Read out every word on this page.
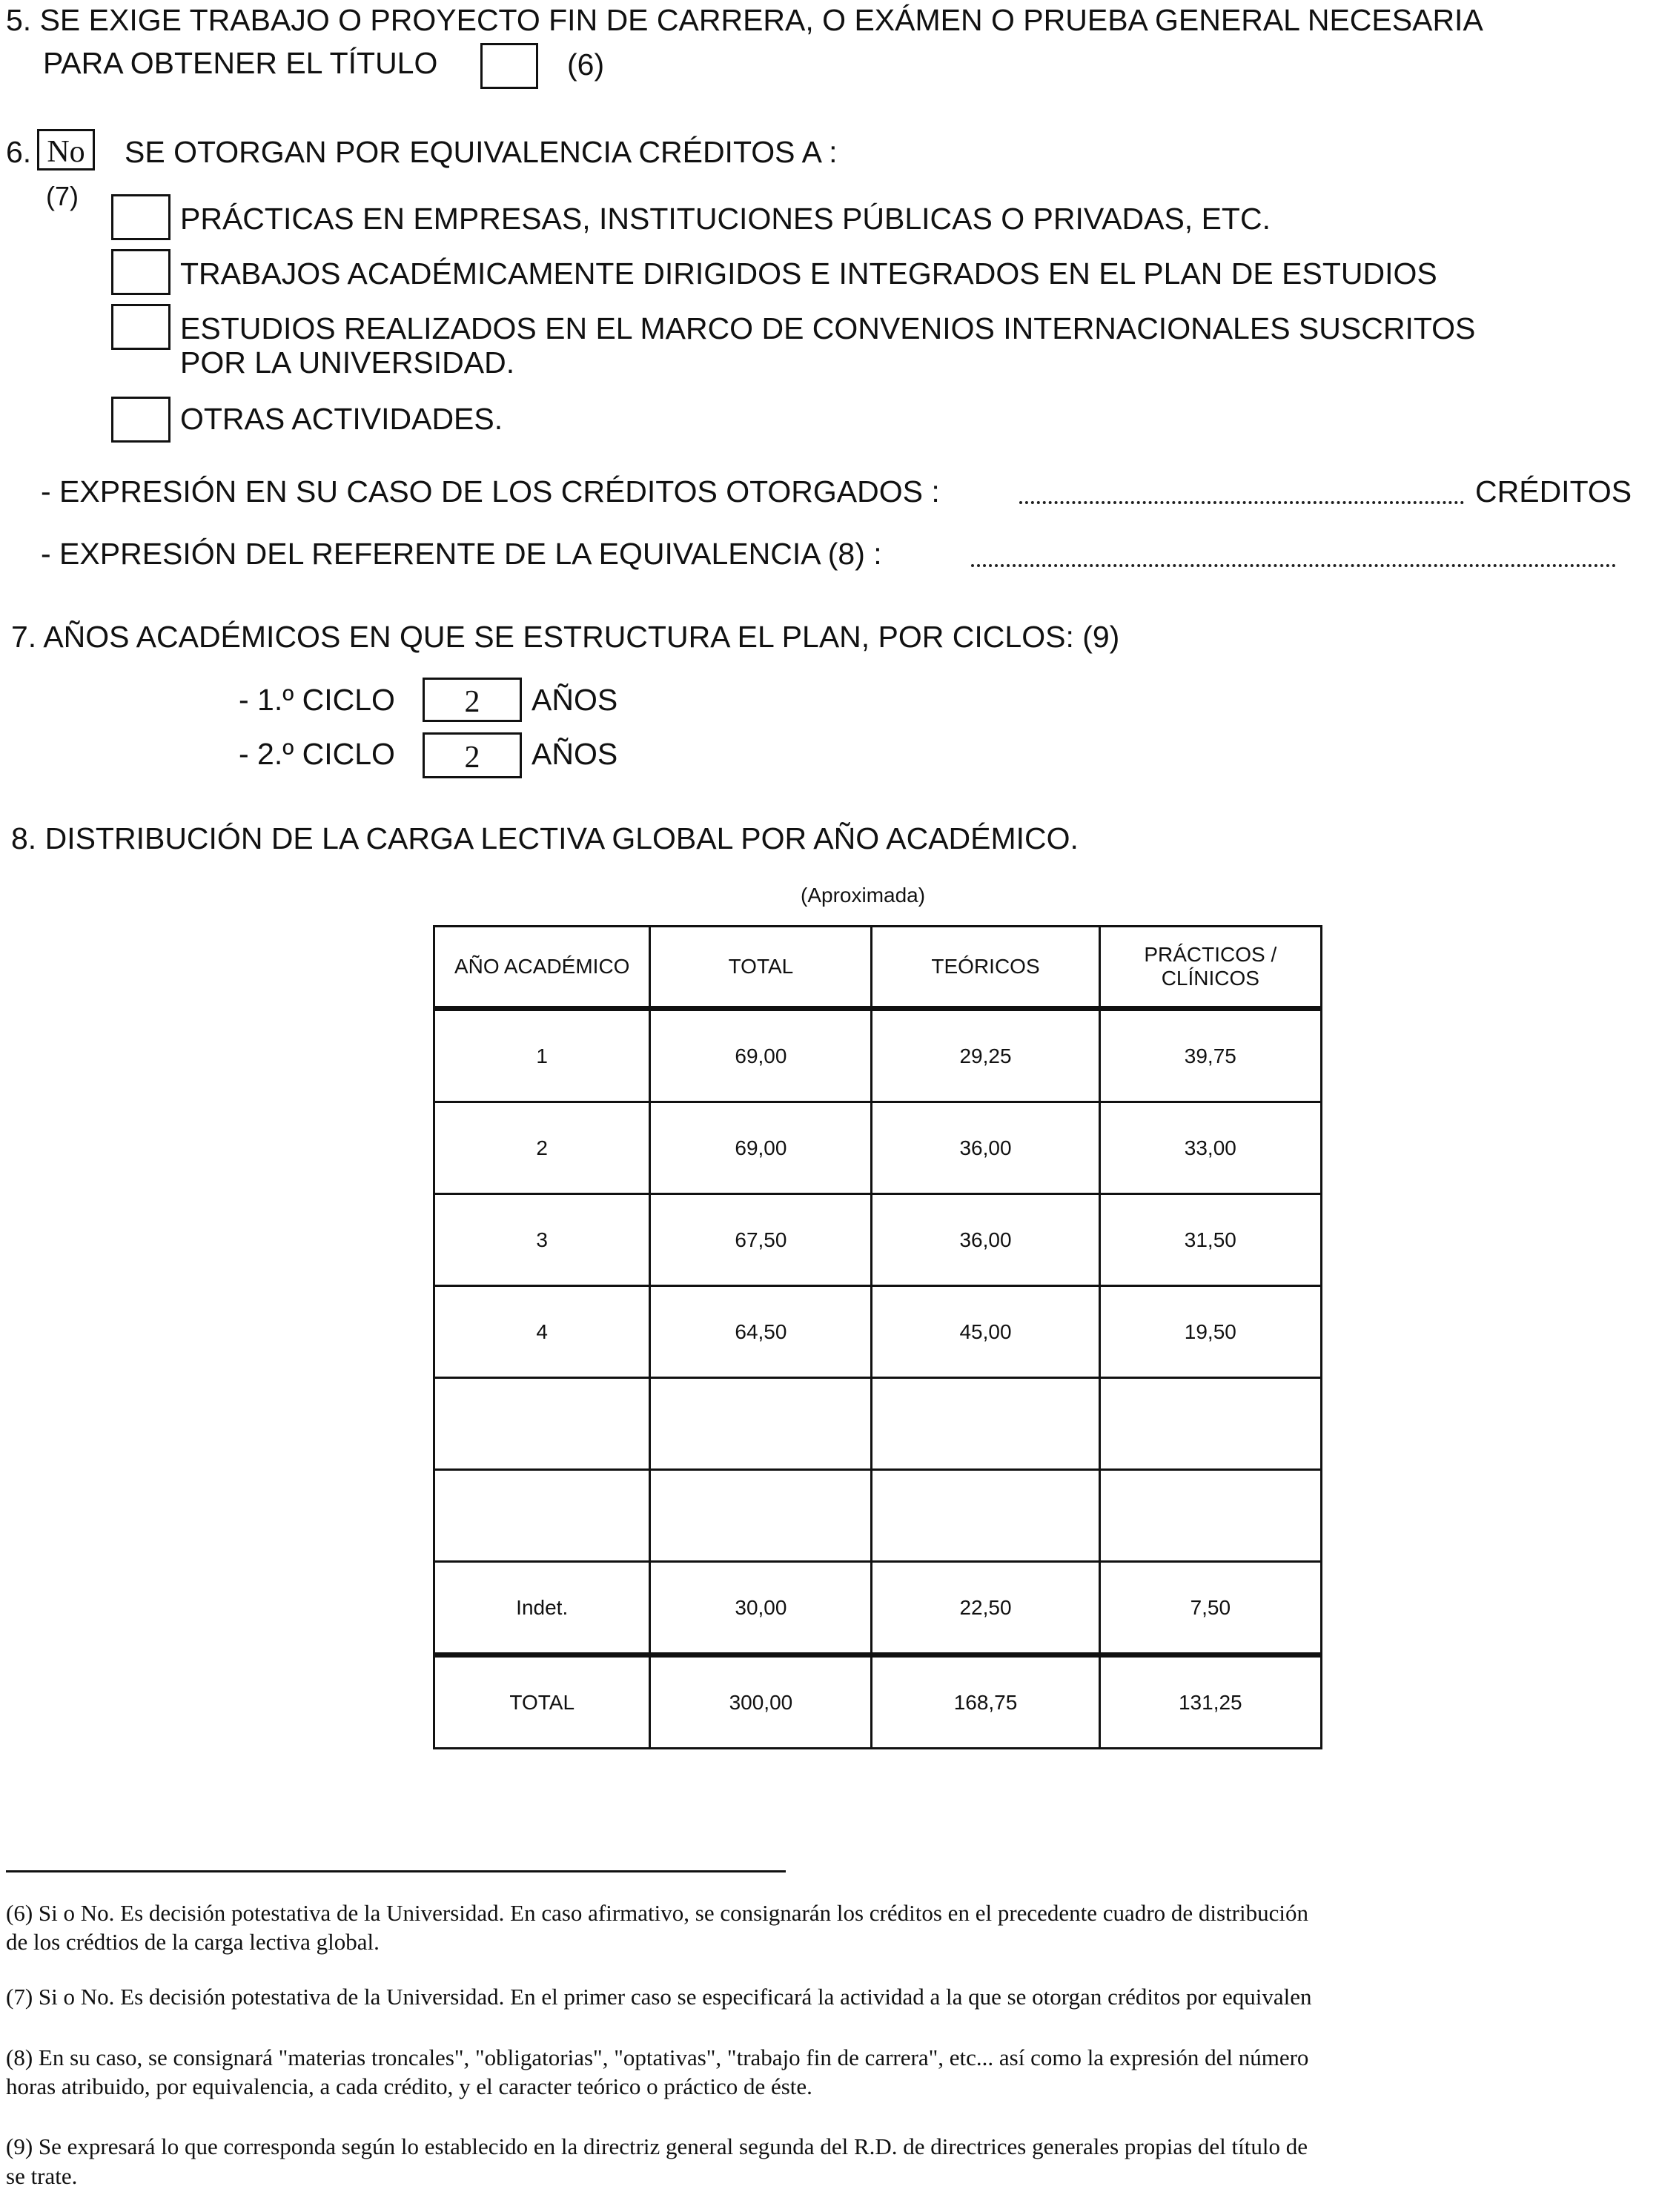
5. SE EXIGE TRABAJO O PROYECTO FIN DE CARRERA, O EXÁMEN O PRUEBA GENERAL NECESARIA
PARA OBTENER EL TÍTULO	(6)
6. No	SE OTORGAN POR EQUIVALENCIA CRÉDITOS A :
(7)
PRÁCTICAS EN EMPRESAS, INSTITUCIONES PÚBLICAS O PRIVADAS, ETC.
TRABAJOS ACADÉMICAMENTE DIRIGIDOS E INTEGRADOS EN EL PLAN DE ESTUDIOS
ESTUDIOS REALIZADOS EN EL MARCO DE CONVENIOS INTERNACIONALES SUSCRITOS
POR LA UNIVERSIDAD.
OTRAS ACTIVIDADES.
- EXPRESIÓN EN SU CASO DE LOS CRÉDITOS OTORGADOS :	CRÉDITOS
- EXPRESIÓN DEL REFERENTE DE LA EQUIVALENCIA (8) :
7. AÑOS ACADÉMICOS EN QUE SE ESTRUCTURA EL PLAN, POR CICLOS: (9)
- 1.º CICLO	2	AÑOS
- 2.º CICLO	2	AÑOS
8. DISTRIBUCIÓN DE LA CARGA LECTIVA GLOBAL POR AÑO ACADÉMICO.
(Aproximada)
AÑO ACADÉMICO	TOTAL	TEÓRICOS	PRÁCTICOS /
CLÍNICOS
1	69,00	29,25	39,75
2	69,00	36,00	33,00
3	67,50	36,00	31,50
4	64,50	45,00	19,50

Indet.	30,00	22,50	7,50
TOTAL	300,00	168,75	131,25
(6) Si o No. Es decisión potestativa de la Universidad. En caso afirmativo, se consignarán los créditos en el precedente cuadro de distribución
de los crédtios de la carga lectiva global.
(7) Si o No. Es decisión potestativa de la Universidad. En el primer caso se especificará la actividad a la que se otorgan créditos por equivalen
(8) En su caso, se consignará "materias troncales", "obligatorias", "optativas", "trabajo fin de carrera", etc... así como la expresión del número
horas atribuido, por equivalencia, a cada crédito, y el caracter teórico o práctico de éste.
(9) Se expresará lo que corresponda según lo establecido en la directriz general segunda del R.D. de directrices generales propias del título de
se trate.
